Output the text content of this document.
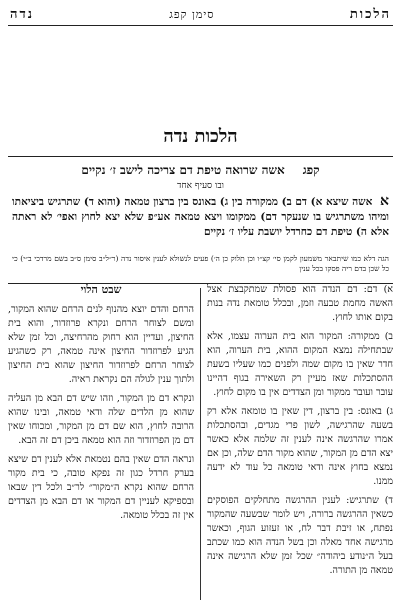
הלכות
סימן קפג
נדה
הלכות נדה
קפג
אשה שרואה טיפת דם צריכה לישב ז׳ נקיים
ובו סעיף אחד
א אשה שיצא א) דם ב) ממקורה בין ג) באונס בין ברצון טמאה (והוא ד) שתרגיש ביציאתו ומיהו משתרגיש בו שנעקר דם) ממקומו ויצא טמאה אע״פ שלא יצא לחוץ ואפי׳ לא ראתה אלא ה) טיפת דם כחרדל יושבת עליו ז׳ נקיים
הגה דלא כמו שיתבאר משמעון לקמן סי׳ קצ״ו וכן תלוק כן ה׳) פעים לנשולא לענין איסור נדה (ר״ל״ב סימן ס״ב בשם מרדכי ב״י) כי כל שכן בדם ריה פסקו בכל ענין

א) דם: דם הנדה הוא פסולת שמתקבצת אצל האשה מחמת טבעה וזמן, ובכלל טומאת נדה בנות בקום אותו לחוץ.

ב) ממקורה: המקור הוא בית הערוה עצמו, אלא שבתחילה נמצא המקום ההוא, בית הערוה, הוא חדר שאין בו מקום שמה ולפנים כמו שעליו בשעת ההסתכלות שאז מעיין רק השאירה בגוף דהיינו עובר ועובר ממקור ומן הצדדים אין בו מקום לחוץ.

ג) באונס: בין ברצון, דין שאין בו טומאה אלא רק בשעה שהרגישה, לשון פרי מגדים, ובהסתכלות אמרו שהרגשה אינה לענין זה שלמה אלא כאשר יצא הדם מן המקור, שהוא מקור הדם שלה, וכן אם נמצא בחוץ אינה ודאי טומאה כל עוד לא ידעה ממנו.

ד) שתרגיש: לענין ההרגשה מתחלקים הפוסקים כשאין ההרגשה ברורה, ויש לומר שבשעה שהמקור נפתח, או זיבת דבר לח, או זעזוע הגוף, וכאשר מרגישה אחד מאלה וכן בשל הנדה הוא כמו שכתב בעל ה״נודע ביהודה״ שכל זמן שלא הרגישה אינה טמאה מן התורה.

שבט הלוי

הרחם והדם יוצא מהנוף לנים הרחם שהוא המקור, ומשם לצוחר הרחם ונקרא פרוזדור, והוא בית החיצון, ועדיין הוא רחוק מהרחיצה, וכל זמן שלא הגיע לפרוזדור החיצון אינה טמאה, רק כשהגיע לצוחר הרחם לפרוזדור החיצון שהוא בית החיצון ולתוך ענין לגולה הם נקראת ראיה.

ונקרא דם מן המקור, וזהו שיש דם הבא מן העליה שהוא מן הלדים שלה ודאי טמאה, ובינו שהוא הרובה לחוץ, הוא שם דם מן המקור, ומכוחו שאין דם מן הפרוזדור וזה הוא טמאה ביכן דם זה הבא.

ונראה הדם שאין בהם נטמאת אלא לענין דם שיצא בערק חרדל כגון זה נפקא טובה, כי בית מקור הרחם שהוא נקרא ה״מקור״ לר״ב ולכל דין שבאו ובספיקא לעניין דם המקור או דם הבא מן הצדדים אין זה בכלל טומאה.
